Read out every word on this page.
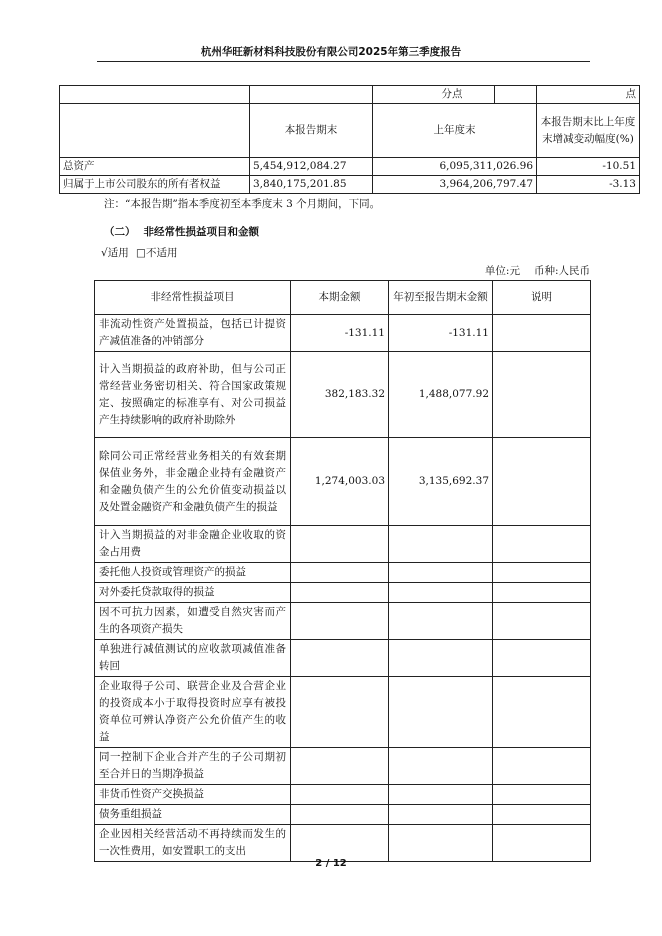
杭州华旺新材料科技股份有限公司2025年第三季度报告
		分点	点
	本报告期末	上年度末	本报告期末比上年度末增减变动幅度(%)
总资产	5,454,912,084.27	6,095,311,026.96	-10.51
归属于上市公司股东的所有者权益	3,840,175,201.85	3,964,206,797.47	-3.13
注：“本报告期”指本季度初至本季度末 3 个月期间，下同。
（二） 非经常性损益项目和金额
√适用 □不适用
单位:元 币种:人民币
非经常性损益项目	本期金额	年初至报告期末金额	说明
非流动性资产处置损益，包括已计提资产减值准备的冲销部分	-131.11	-131.11	
计入当期损益的政府补助，但与公司正常经营业务密切相关、符合国家政策规定、按照确定的标准享有、对公司损益产生持续影响的政府补助除外	382,183.32	1,488,077.92	
除同公司正常经营业务相关的有效套期保值业务外，非金融企业持有金融资产和金融负债产生的公允价值变动损益以及处置金融资产和金融负债产生的损益	1,274,003.03	3,135,692.37	
计入当期损益的对非金融企业收取的资金占用费			
委托他人投资或管理资产的损益			
对外委托贷款取得的损益			
因不可抗力因素，如遭受自然灾害而产生的各项资产损失			
单独进行减值测试的应收款项减值准备转回			
企业取得子公司、联营企业及合营企业的投资成本小于取得投资时应享有被投资单位可辨认净资产公允价值产生的收益			
同一控制下企业合并产生的子公司期初至合并日的当期净损益			
非货币性资产交换损益			
债务重组损益			
企业因相关经营活动不再持续而发生的一次性费用，如安置职工的支出			
2 / 12
